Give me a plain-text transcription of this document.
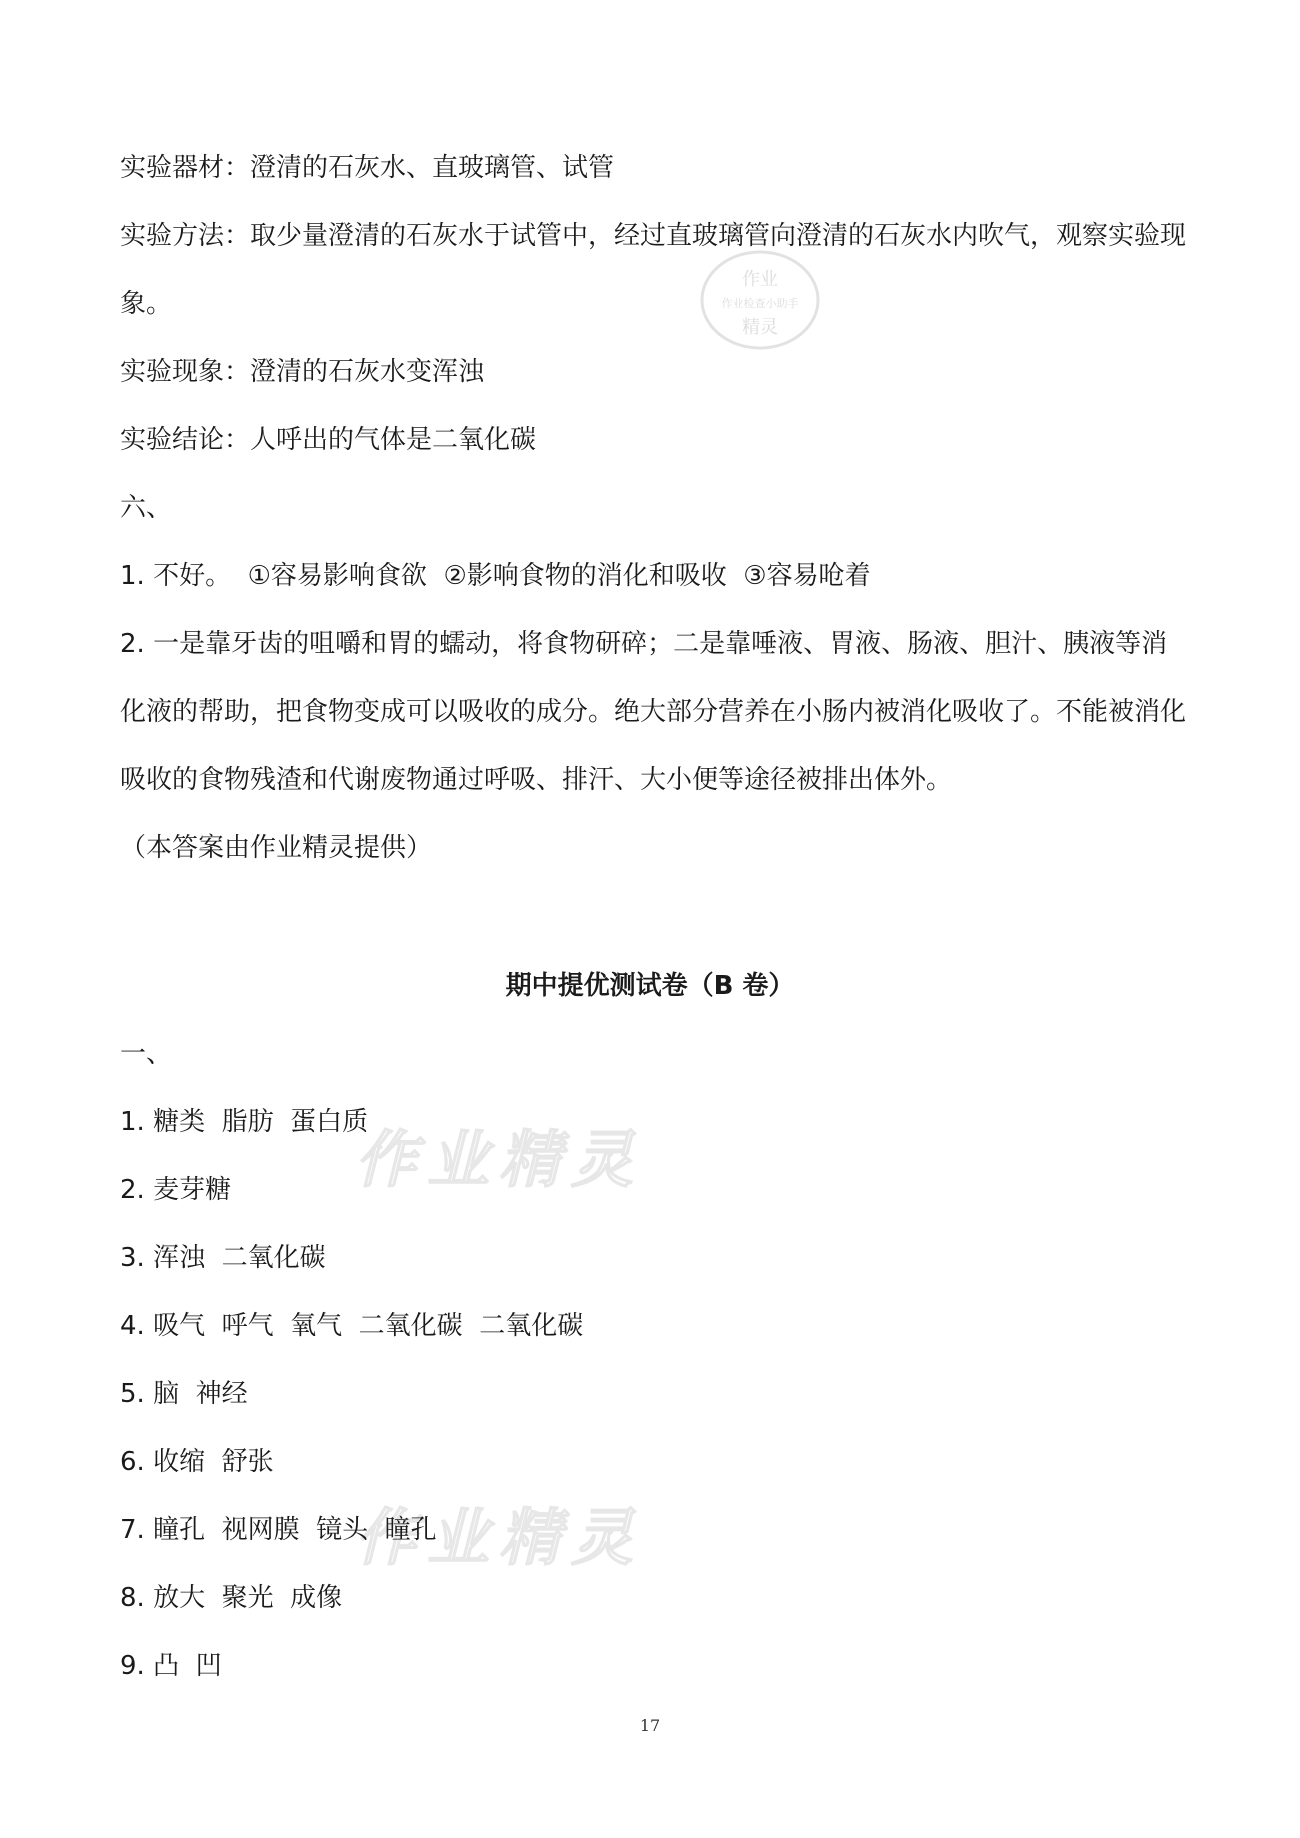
作业精灵
作业精灵
作业
作业检查小助手
精灵
实验器材：澄清的石灰水、直玻璃管、试管
实验方法：取少量澄清的石灰水于试管中，经过直玻璃管向澄清的石灰水内吹气，观察实验现
象。
实验现象：澄清的石灰水变浑浊
实验结论：人呼出的气体是二氧化碳
六、
1. 不好。  ①容易影响食欲  ②影响食物的消化和吸收  ③容易呛着
2. 一是靠牙齿的咀嚼和胃的蠕动，将食物研碎；二是靠唾液、胃液、肠液、胆汁、胰液等消
化液的帮助，把食物变成可以吸收的成分。绝大部分营养在小肠内被消化吸收了。不能被消化
吸收的食物残渣和代谢废物通过呼吸、排汗、大小便等途径被排出体外。
（本答案由作业精灵提供）
期中提优测试卷（B 卷）
一、
1. 糖类  脂肪  蛋白质
2. 麦芽糖
3. 浑浊  二氧化碳
4. 吸气  呼气  氧气  二氧化碳  二氧化碳
5. 脑  神经
6. 收缩  舒张
7. 瞳孔  视网膜  镜头  瞳孔
8. 放大  聚光  成像
9. 凸  凹
17
